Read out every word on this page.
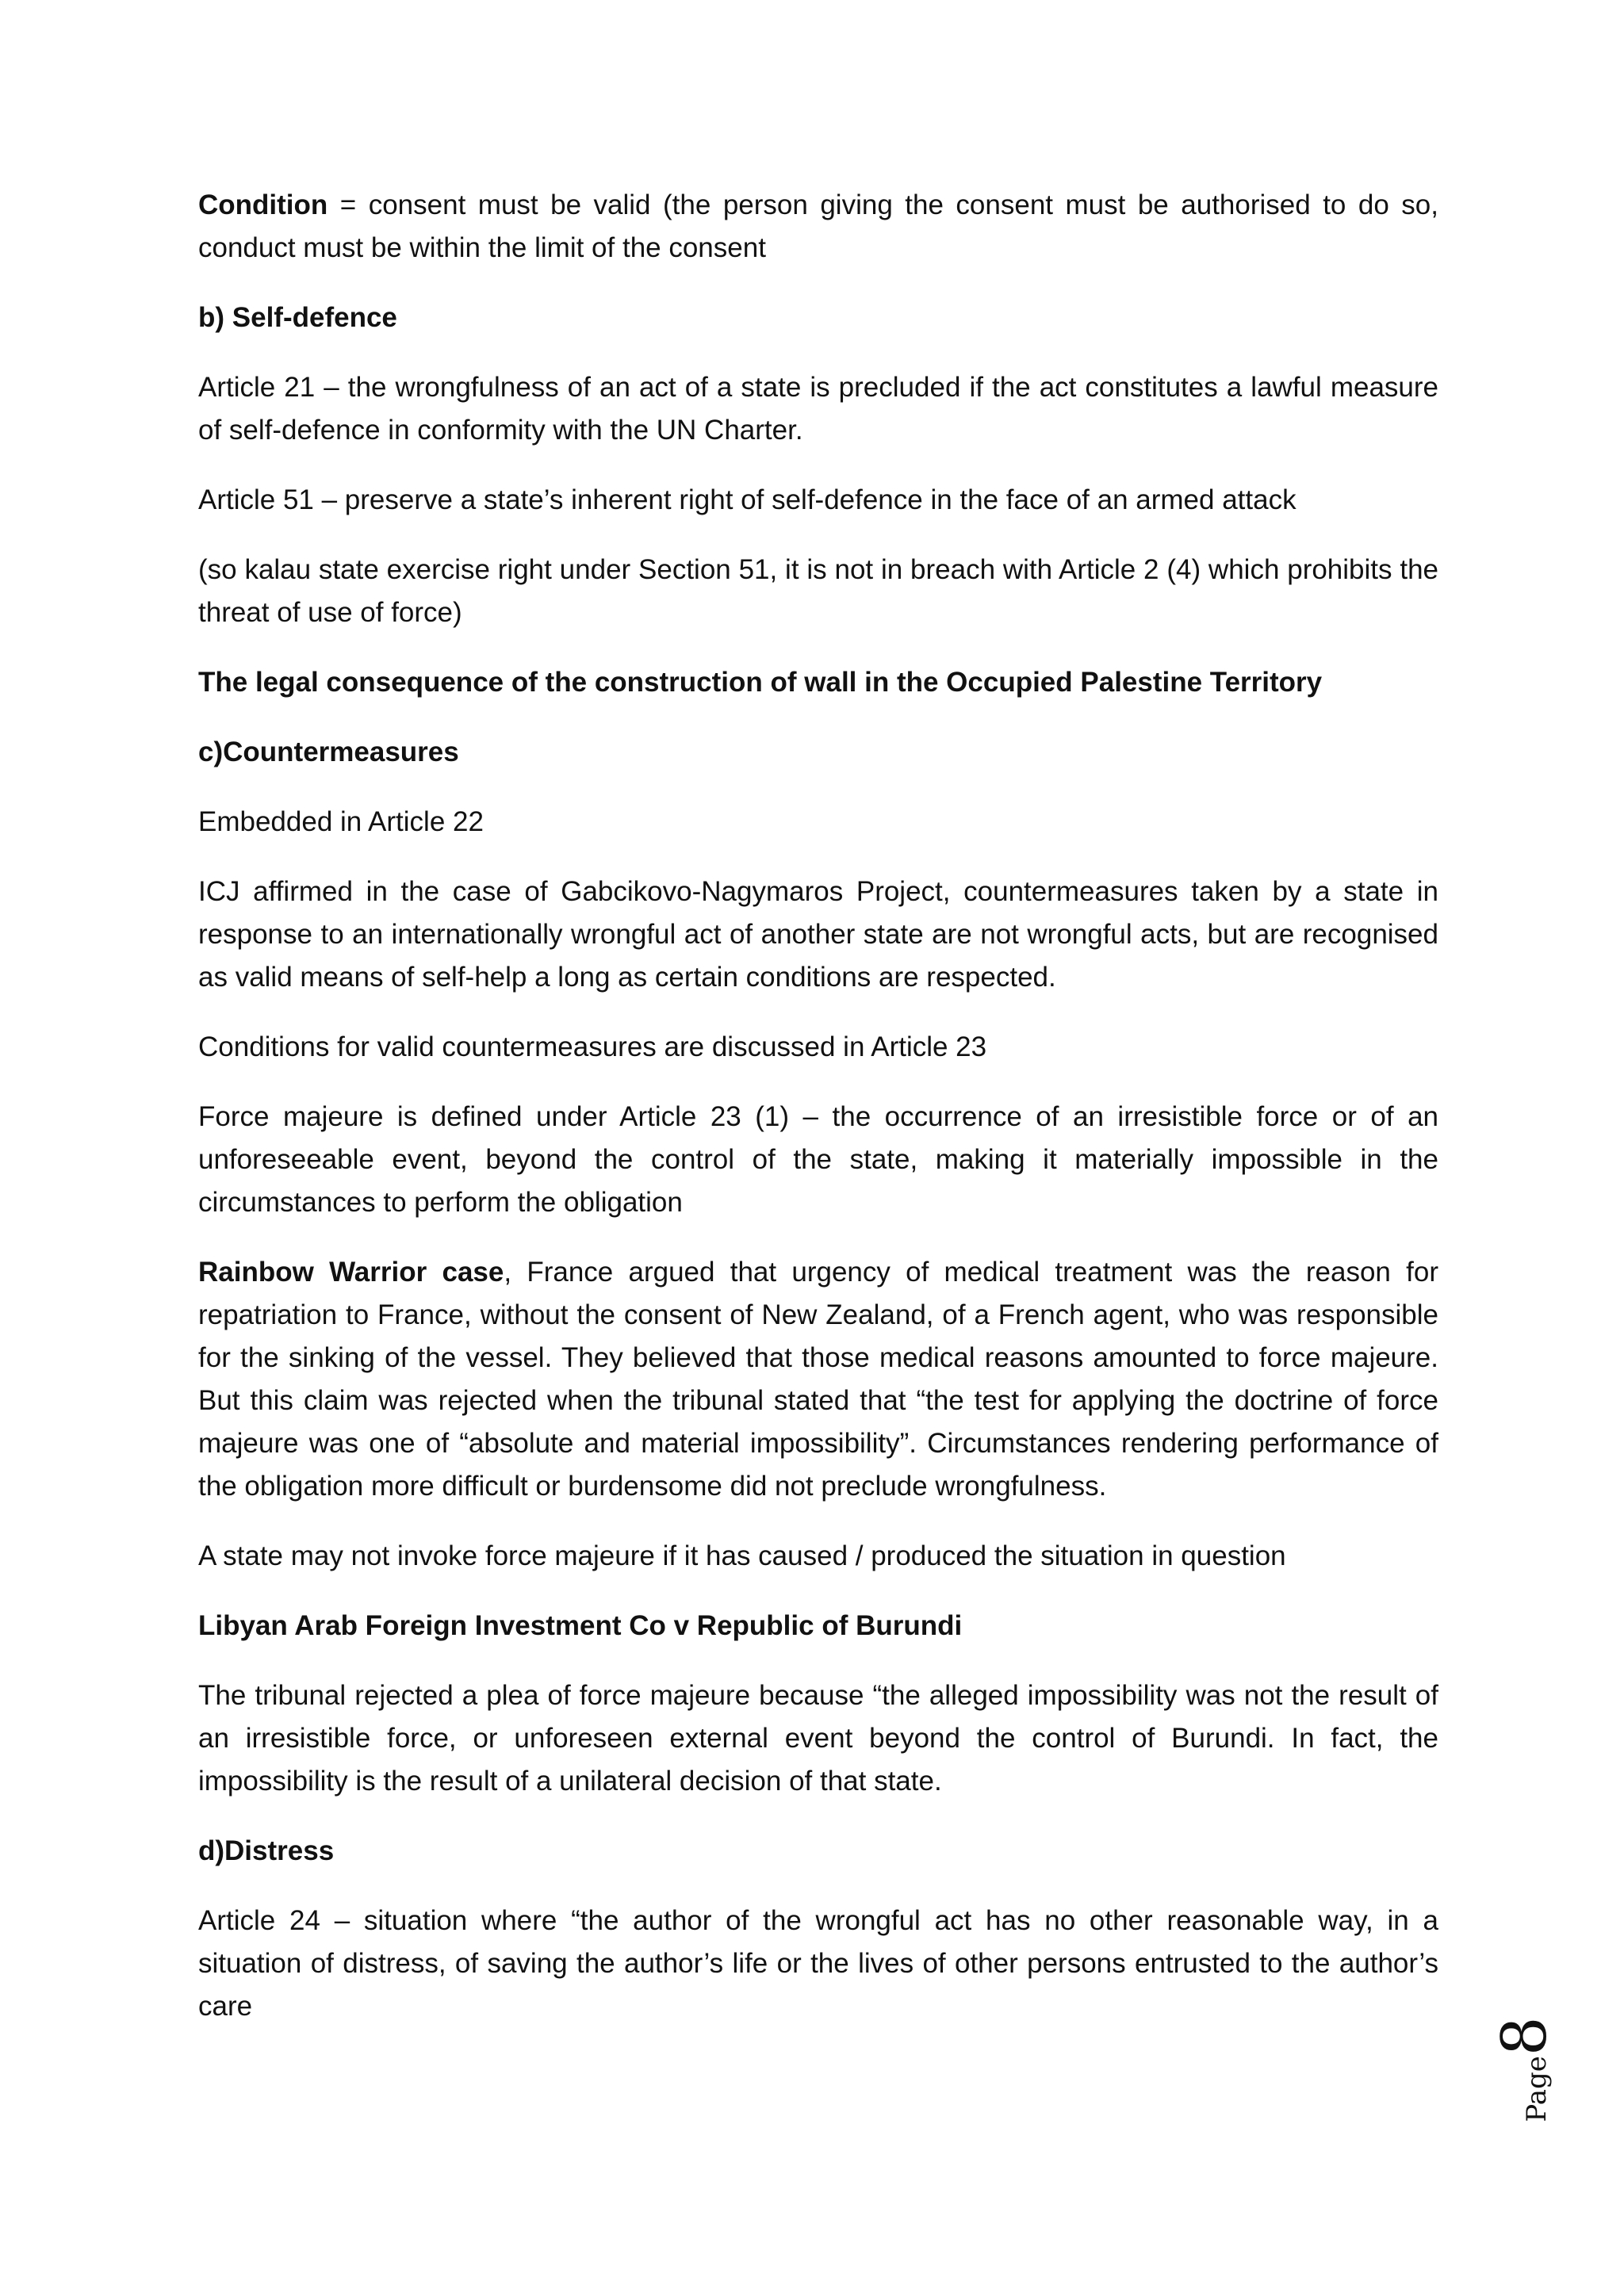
Condition = consent must be valid (the person giving the consent must be authorised to do so, conduct must be within the limit of the consent

b) Self-defence

Article 21 – the wrongfulness of an act of a state is precluded if the act constitutes a lawful measure of self-defence in conformity with the UN Charter.

Article 51 – preserve a state’s inherent right of self-defence in the face of an armed attack

(so kalau state exercise right under Section 51, it is not in breach with Article 2 (4) which prohibits the threat of use of force)

The legal consequence of the construction of wall in the Occupied Palestine Territory

c)Countermeasures

Embedded in Article 22

ICJ affirmed in the case of Gabcikovo-Nagymaros Project, countermeasures taken by a state in response to an internationally wrongful act of another state are not wrongful acts, but are recognised as valid means of self-help a long as certain conditions are respected.

Conditions for valid countermeasures are discussed in Article 23

Force majeure is defined under Article 23 (1) – the occurrence of an irresistible force or of an unforeseeable event, beyond the control of the state, making it materially impossible in the circumstances to perform the obligation

Rainbow Warrior case, France argued that urgency of medical treatment was the reason for repatriation to France, without the consent of New Zealand, of a French agent, who was responsible for the sinking of the vessel. They believed that those medical reasons amounted to force majeure. But this claim was rejected when the tribunal stated that “the test for applying the doctrine of force majeure was one of “absolute and material impossibility”. Circumstances rendering performance of the obligation more difficult or burdensome did not preclude wrongfulness.

A state may not invoke force majeure if it has caused / produced the situation in question

Libyan Arab Foreign Investment Co v Republic of Burundi

The tribunal rejected a plea of force majeure because “the alleged impossibility was not the result of an irresistible force, or unforeseen external event beyond the control of Burundi. In fact, the impossibility is the result of a unilateral decision of that state.

d)Distress

Article 24 – situation where “the author of the wrongful act has no other reasonable way, in a situation of distress, of saving the author’s life or the lives of other persons entrusted to the author’s care

Page
8
